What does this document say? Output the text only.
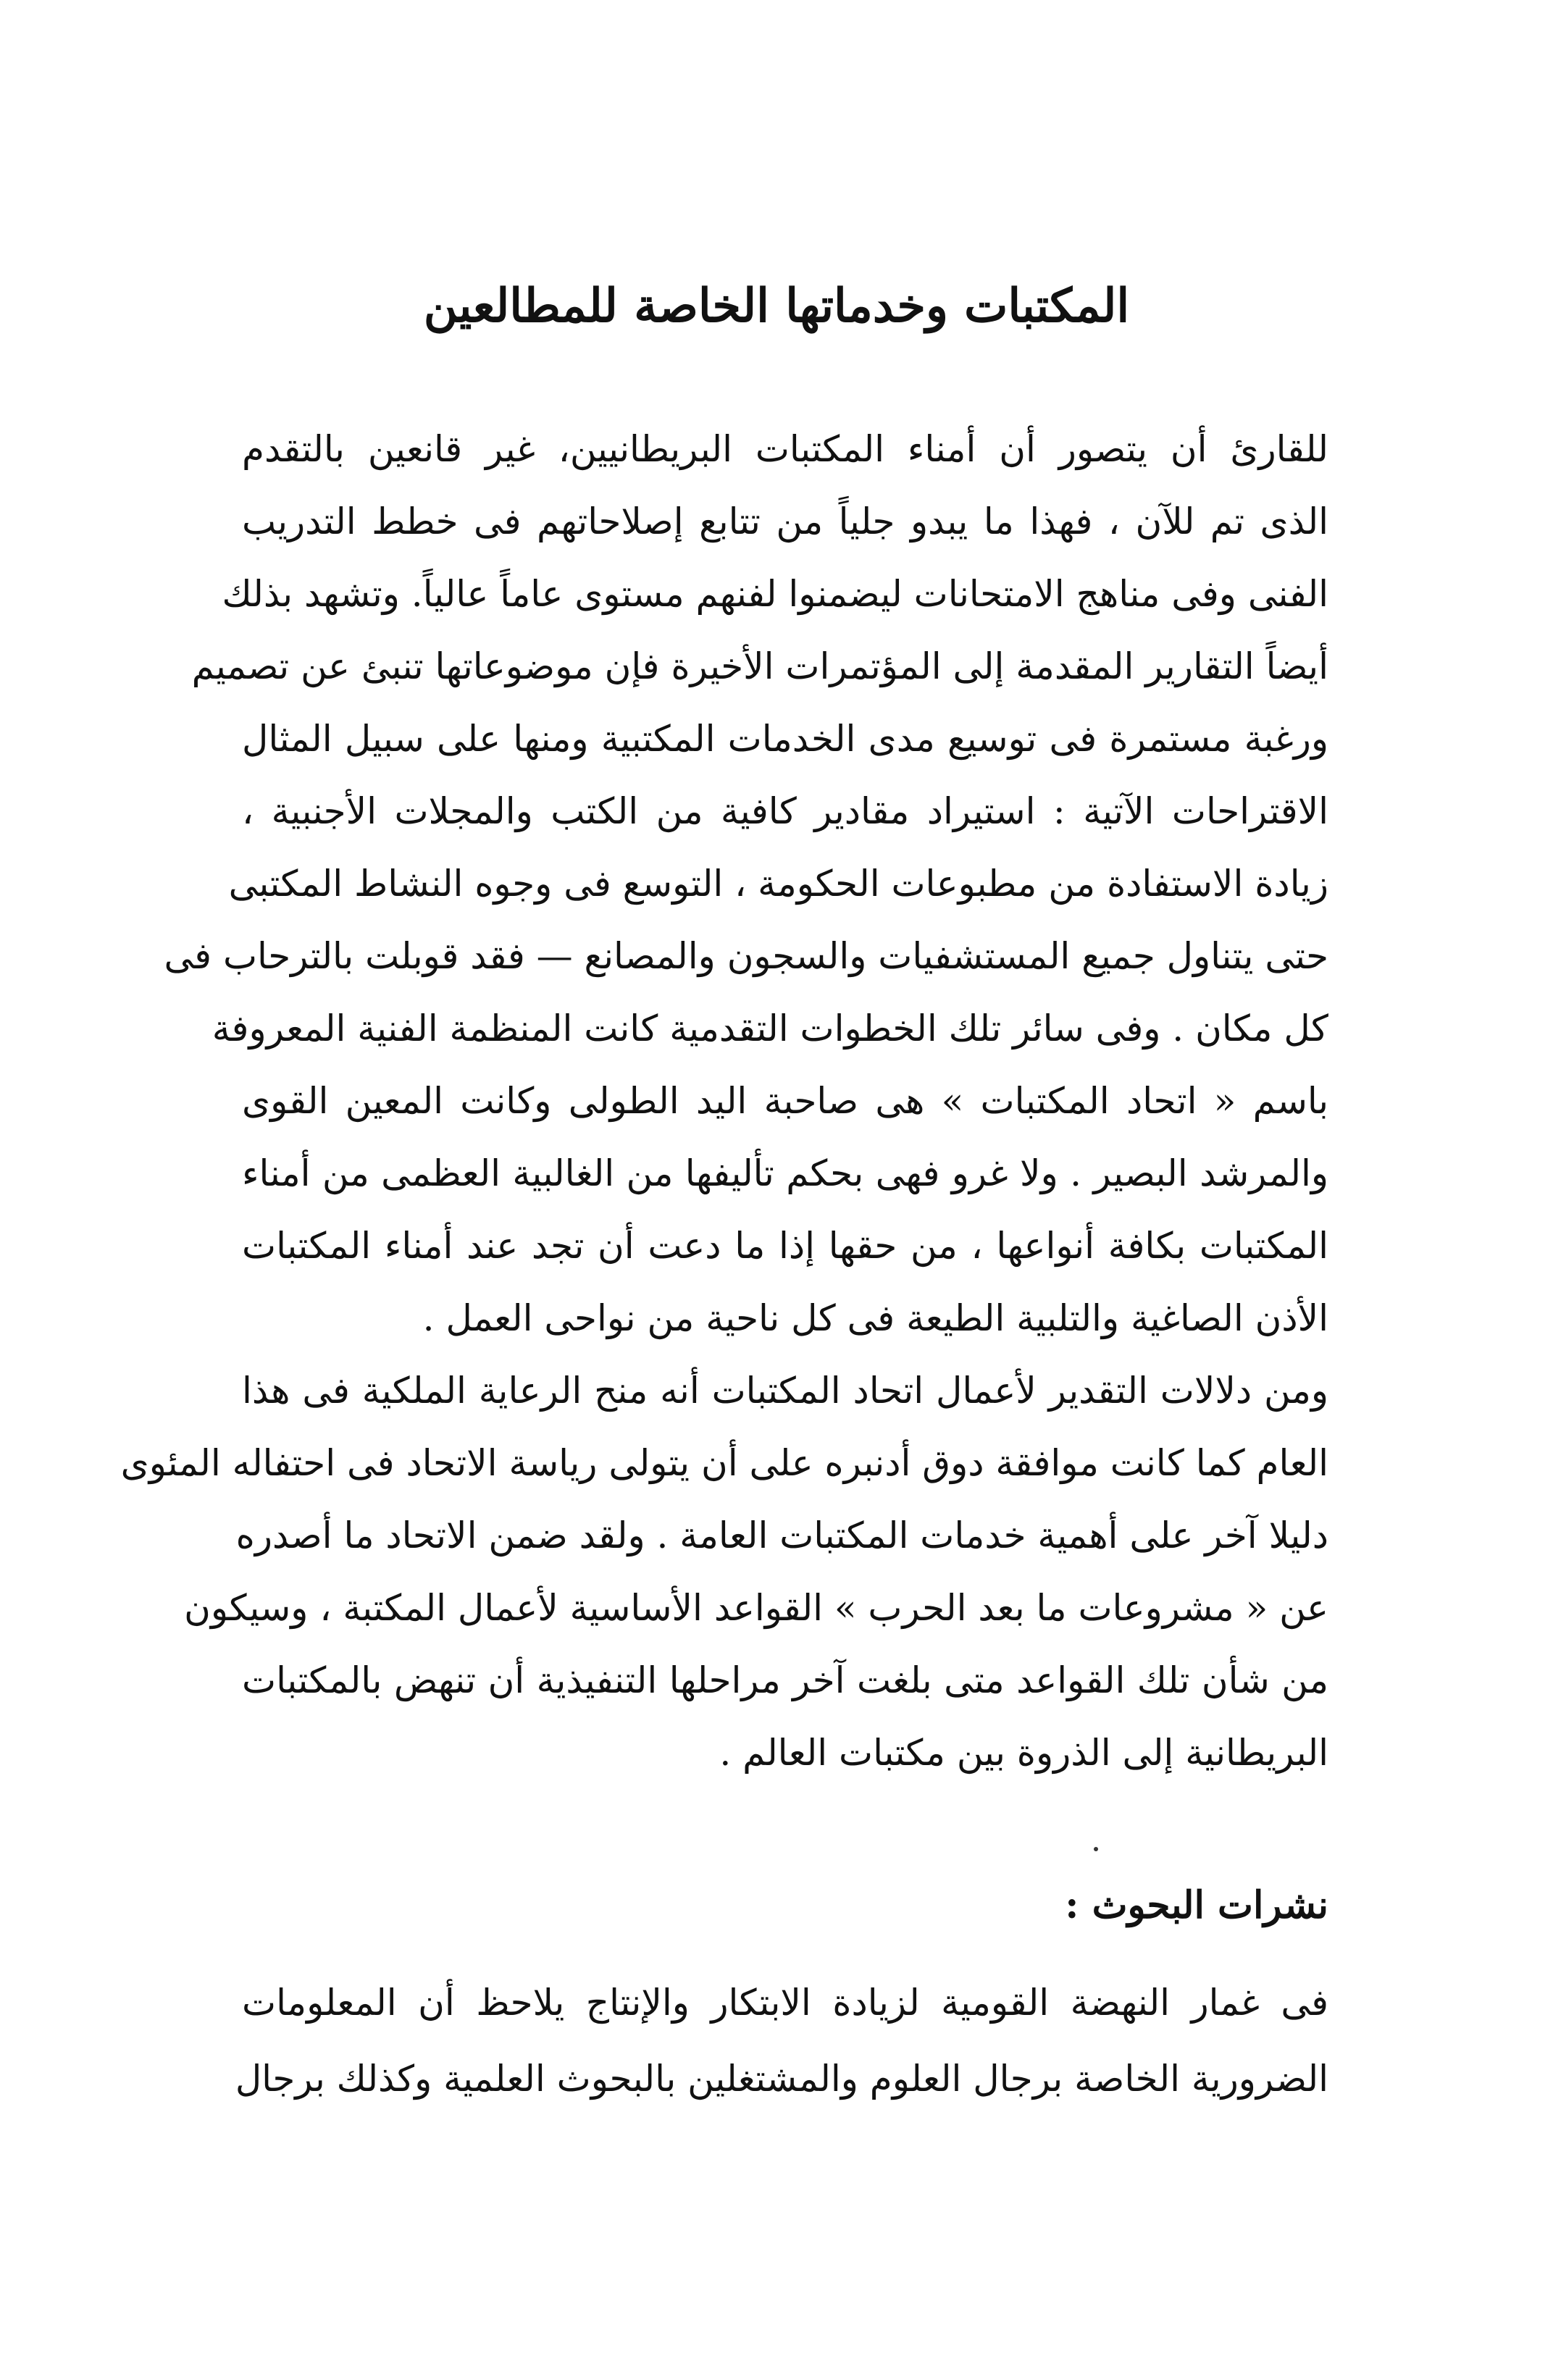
المكتبات وخدماتها الخاصة للمطالعين
للقارئ أن يتصور أن أمناء المكتبات البريطانيين، غير قانعين بالتقدم
الذى تم للآن ، فهذا ما يبدو جلياً من تتابع إصلاحاتهم فى خطط التدريب
الفنى وفى مناهج الامتحانات ليضمنوا لفنهم مستوى عاماً عالياً. وتشهد بذلك
أيضاً التقارير المقدمة إلى المؤتمرات الأخيرة فإن موضوعاتها تنبئ عن تصميم
ورغبة مستمرة فى توسيع مدى الخدمات المكتبية ومنها على سبيل المثال
الاقتراحات الآتية : استيراد مقادير كافية من الكتب والمجلات الأجنبية ،
زيادة الاستفادة من مطبوعات الحكومة ، التوسع فى وجوه النشاط المكتبى
حتى يتناول جميع المستشفيات والسجون والمصانع — فقد قوبلت بالترحاب فى
كل مكان . وفى سائر تلك الخطوات التقدمية كانت المنظمة الفنية المعروفة
باسم « اتحاد المكتبات » هى صاحبة اليد الطولى وكانت المعين القوى
والمرشد البصير . ولا غرو فهى بحكم تأليفها من الغالبية العظمى من أمناء
المكتبات بكافة أنواعها ، من حقها إذا ما دعت أن تجد عند أمناء المكتبات
الأذن الصاغية والتلبية الطيعة فى كل ناحية من نواحى العمل .
ومن دلالات التقدير لأعمال اتحاد المكتبات أنه منح الرعاية الملكية فى هذا
العام كما كانت موافقة دوق أدنبره على أن يتولى رياسة الاتحاد فى احتفاله المئوى
دليلا آخر على أهمية خدمات المكتبات العامة . ولقد ضمن الاتحاد ما أصدره
عن « مشروعات ما بعد الحرب » القواعد الأساسية لأعمال المكتبة ، وسيكون
من شأن تلك القواعد متى بلغت آخر مراحلها التنفيذية أن تنهض بالمكتبات
البريطانية إلى الذروة بين مكتبات العالم .
نشرات البحوث :
فى غمار النهضة القومية لزيادة الابتكار والإنتاج يلاحظ أن المعلومات
الضرورية الخاصة برجال العلوم والمشتغلين بالبحوث العلمية وكذلك برجال
